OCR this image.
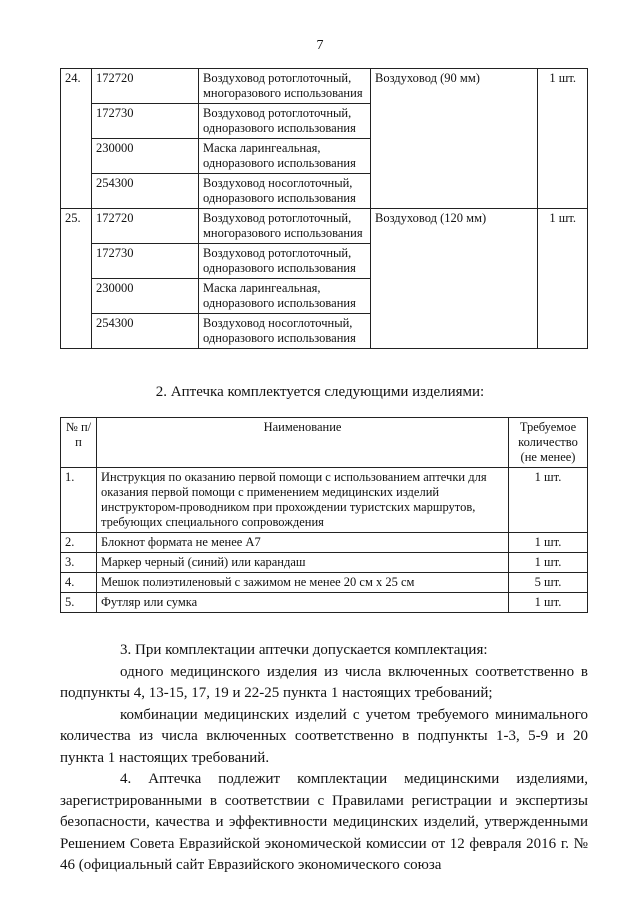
7
24.	172720	Воздуховод ротоглоточный, многоразового использования	Воздуховод (90 мм)	1 шт.
	172730	Воздуховод ротоглоточный, одноразового использования		
	230000	Маска ларингеальная, одноразового использования		
	254300	Воздуховод носоглоточный, одноразового использования		
25.	172720	Воздуховод ротоглоточный, многоразового использования	Воздуховод (120 мм)	1 шт.
	172730	Воздуховод ротоглоточный, одноразового использования		
	230000	Маска ларингеальная, одноразового использования		
	254300	Воздуховод носоглоточный, одноразового использования		
2. Аптечка комплектуется следующими изделиями:
№ п/п	Наименование	Требуемое количество (не менее)
1.	Инструкция по оказанию первой помощи с использованием аптечки для оказания первой помощи с применением медицинских изделий инструктором-проводником при прохождении туристских маршрутов, требующих специального сопровождения	1 шт.
2.	Блокнот формата не менее А7	1 шт.
3.	Маркер черный (синий) или карандаш	1 шт.
4.	Мешок полиэтиленовый с зажимом не менее 20 см х 25 см	5 шт.
5.	Футляр или сумка	1 шт.

3. При комплектации аптечки допускается комплектация:

одного медицинского изделия из числа включенных соответственно в подпункты 4, 13-15, 17, 19 и 22-25 пункта 1 настоящих требований;

комбинации медицинских изделий с учетом требуемого минимального количества из числа включенных соответственно в подпункты 1-3, 5-9 и 20 пункта 1 настоящих требований.

4. Аптечка подлежит комплектации медицинскими изделиями, зарегистрированными в соответствии с Правилами регистрации и экспертизы безопасности, качества и эффективности медицинских изделий, утвержденными Решением Совета Евразийской экономической комиссии от 12 февраля 2016 г. № 46 (официальный сайт Евразийского экономического союза
